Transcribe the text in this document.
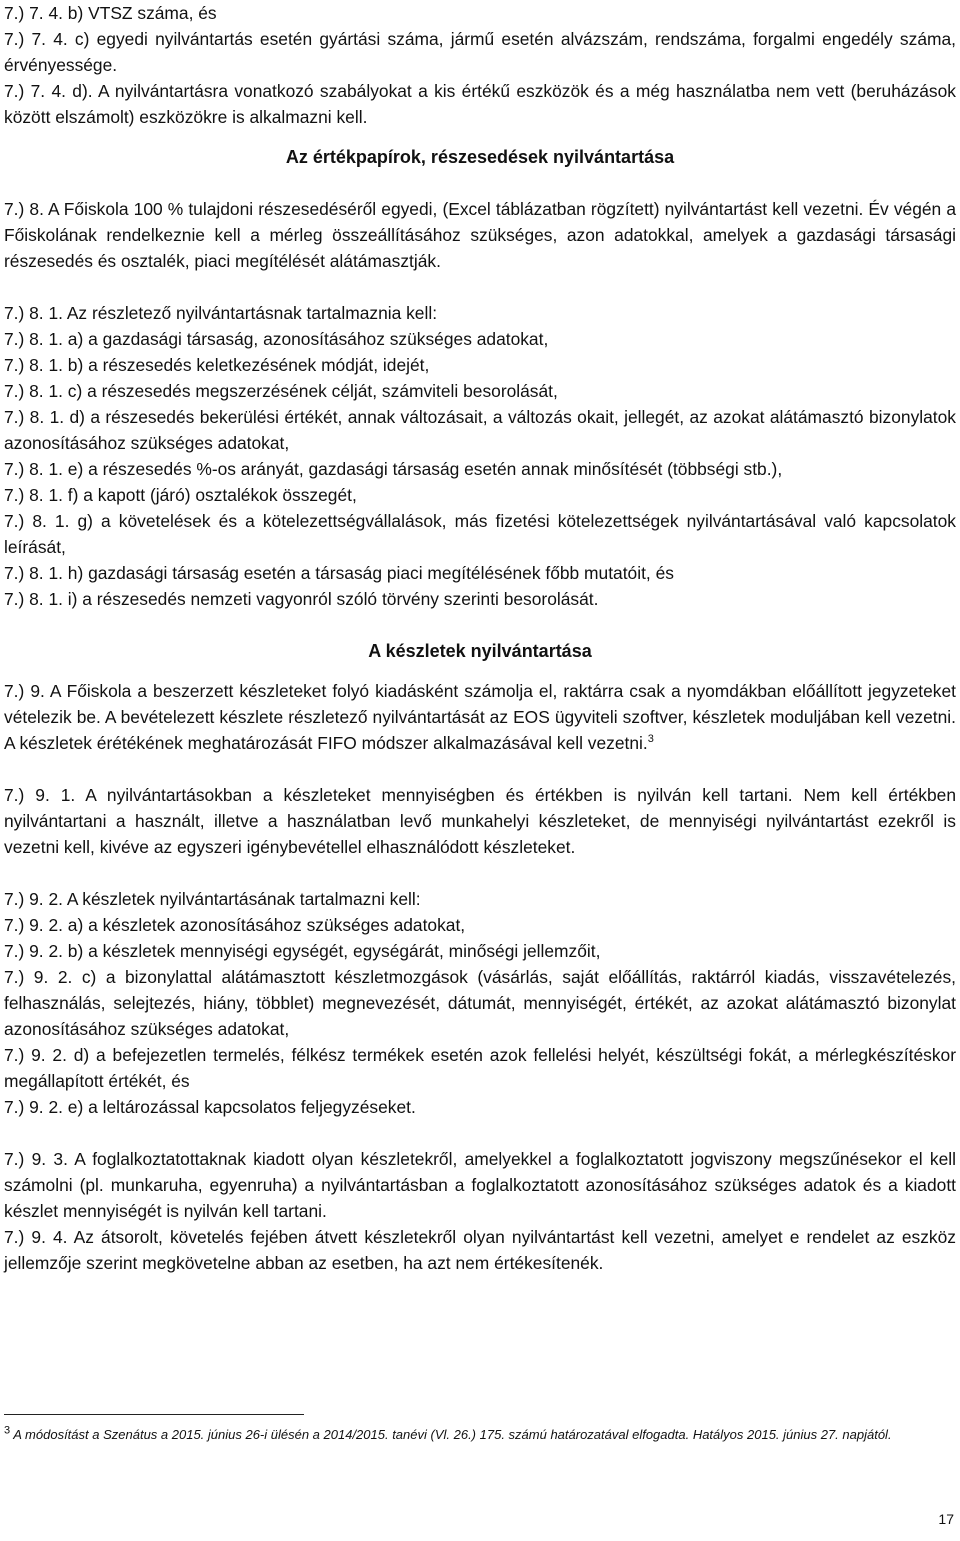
7.) 7. 4. b) VTSZ száma, és

7.) 7. 4. c) egyedi nyilvántartás esetén gyártási száma, jármű esetén alvázszám, rendszáma, forgalmi engedély száma, érvényessége.

7.) 7. 4. d). A nyilvántartásra vonatkozó szabályokat a kis értékű eszközök és a még használatba nem vett (beruházások között elszámolt) eszközökre is alkalmazni kell.

Az értékpapírok, részesedések nyilvántartása

7.) 8. A Főiskola 100 % tulajdoni részesedéséről egyedi, (Excel táblázatban rögzített) nyilvántartást kell vezetni. Év végén a Főiskolának rendelkeznie kell a mérleg összeállításához szükséges, azon adatokkal, amelyek a gazdasági társasági részesedés és osztalék, piaci megítélését alátámasztják.

7.) 8. 1. Az részletező nyilvántartásnak tartalmaznia kell:

7.) 8. 1. a) a gazdasági társaság, azonosításához szükséges adatokat,

7.) 8. 1. b) a részesedés keletkezésének módját, idejét,

7.) 8. 1. c) a részesedés megszerzésének célját, számviteli besorolását,

7.) 8. 1. d) a részesedés bekerülési értékét, annak változásait, a változás okait, jellegét, az azokat alátámasztó bizonylatok azonosításához szükséges adatokat,

7.) 8. 1. e) a részesedés %-os arányát, gazdasági társaság esetén annak minősítését (többségi stb.),

7.) 8. 1. f) a kapott (járó) osztalékok összegét,

7.) 8. 1. g) a követelések és a kötelezettségvállalások, más fizetési kötelezettségek nyilvántartásával való kapcsolatok leírását,

7.) 8. 1. h) gazdasági társaság esetén a társaság piaci megítélésének főbb mutatóit, és

7.) 8. 1. i) a részesedés nemzeti vagyonról szóló törvény szerinti besorolását.

A készletek nyilvántartása

7.) 9. A Főiskola a beszerzett készleteket folyó kiadásként számolja el, raktárra csak a nyomdákban előállított jegyzeteket vételezik be. A bevételezett készlete részletező nyilvántartását az EOS ügyviteli szoftver, készletek moduljában kell vezetni. A készletek érétékének meghatározását FIFO módszer alkalmazásával kell vezetni.$^3$

7.) 9. 1. A nyilvántartásokban a készleteket mennyiségben és értékben is nyilván kell tartani. Nem kell értékben nyilvántartani a használt, illetve a használatban levő munkahelyi készleteket, de mennyiségi nyilvántartást ezekről is vezetni kell, kivéve az egyszeri igénybevétellel elhasználódott készleteket.

7.) 9. 2. A készletek nyilvántartásának tartalmazni kell:

7.) 9. 2. a) a készletek azonosításához szükséges adatokat,

7.) 9. 2. b) a készletek mennyiségi egységét, egységárát, minőségi jellemzőit,

7.) 9. 2. c) a bizonylattal alátámasztott készletmozgások (vásárlás, saját előállítás, raktárról kiadás, visszavételezés, felhasználás, selejtezés, hiány, többlet) megnevezését, dátumát, mennyiségét, értékét, az azokat alátámasztó bizonylat azonosításához szükséges adatokat,

7.) 9. 2. d) a befejezetlen termelés, félkész termékek esetén azok fellelési helyét, készültségi fokát, a mérlegkészítéskor megállapított értékét, és

7.) 9. 2. e) a leltározással kapcsolatos feljegyzéseket.

7.) 9. 3. A foglalkoztatottaknak kiadott olyan készletekről, amelyekkel a foglalkoztatott jogviszony megszűnésekor el kell számolni (pl. munkaruha, egyenruha) a nyilvántartásban a foglalkoztatott azonosításához szükséges adatok és a kiadott készlet mennyiségét is nyilván kell tartani.

7.) 9. 4. Az átsorolt, követelés fejében átvett készletekről olyan nyilvántartást kell vezetni, amelyet e rendelet az eszköz jellemzője szerint megkövetelne abban az esetben, ha azt nem értékesítenék.

$^3$ A módosítást a Szenátus a 2015. június 26-i ülésén a 2014/2015. tanévi (Vl. 26.) 175. számú határozatával elfogadta. Hatályos 2015. június 27. napjától.
17
